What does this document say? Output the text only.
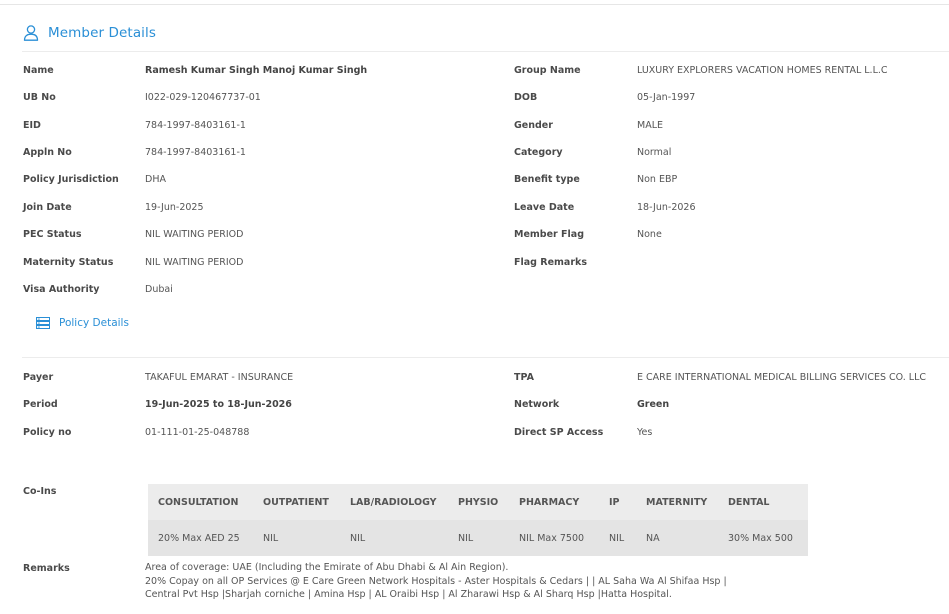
Member Details
Name	Ramesh Kumar Singh Manoj Kumar Singh
UB No	I022-029-120467737-01
EID	784-1997-8403161-1
Appln No	784-1997-8403161-1
Policy Jurisdiction	DHA
Join Date	19-Jun-2025
PEC Status	NIL WAITING PERIOD
Maternity Status	NIL WAITING PERIOD
Visa Authority	Dubai
Group Name	LUXURY EXPLORERS VACATION HOMES RENTAL L.L.C
DOB	05-Jan-1997
Gender	MALE
Category	Normal
Benefit type	Non EBP
Leave Date	18-Jun-2026
Member Flag	None
Flag Remarks
Policy Details
Payer	TAKAFUL EMARAT - INSURANCE
Period	19-Jun-2025 to 18-Jun-2026
Policy no	01-111-01-25-048788
TPA	E CARE INTERNATIONAL MEDICAL BILLING SERVICES CO. LLC
Network	Green
Direct SP Access	Yes
Co-Ins
CONSULTATION	OUTPATIENT	LAB/RADIOLOGY	PHYSIO	PHARMACY	IP	MATERNITY	DENTAL
20% Max AED 25	NIL	NIL	NIL	NIL Max 7500	NIL	NA	30% Max 500
Remarks	Area of coverage: UAE (Including the Emirate of Abu Dhabi & Al Ain Region).
20% Copay on all OP Services @ E Care Green Network Hospitals - Aster Hospitals & Cedars | | AL Saha Wa Al Shifaa Hsp |
Central Pvt Hsp |Sharjah corniche | Amina Hsp | AL Oraibi Hsp | Al Zharawi Hsp & Al Sharq Hsp |Hatta Hospital.
